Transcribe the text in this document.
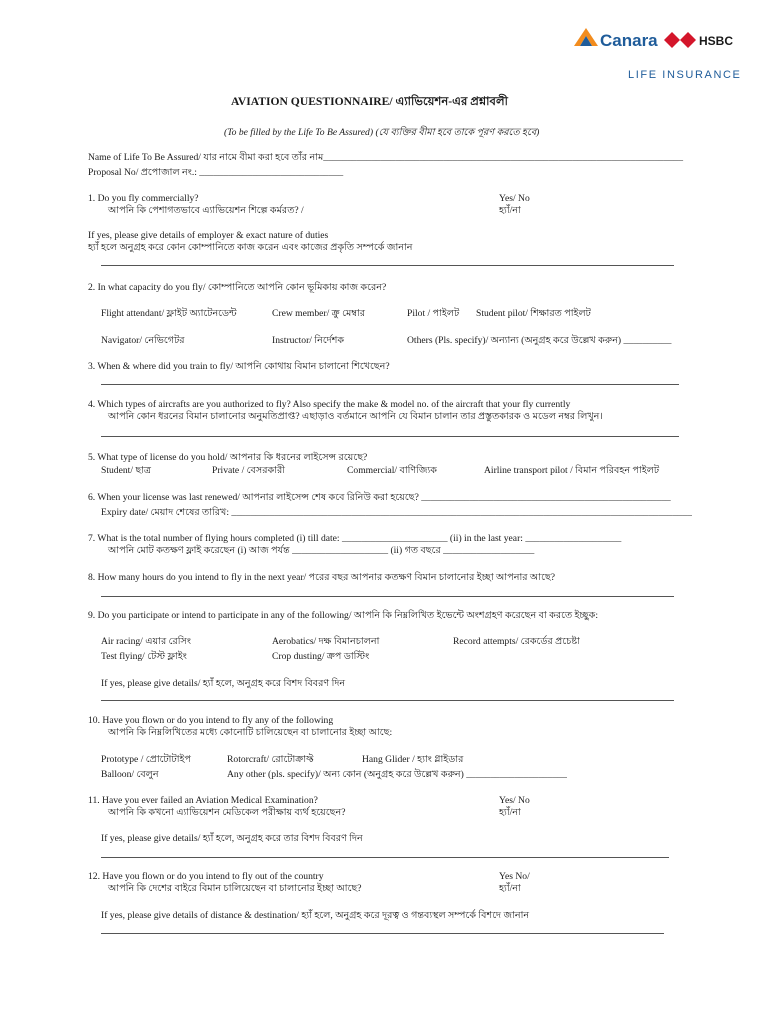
Canara	HSBC
LIFE INSURANCE
AVIATION QUESTIONNAIRE/ এ্যাভিয়েশন-এর প্রশ্নাবলী
(To be filled by the Life To Be Assured) (যে ব্যক্তির বীমা হবে তাকে পূরণ করতে হবে)
Name of Life To Be Assured/ যার নামে বীমা করা হবে তাঁর নাম___________________________________________________________________________
Proposal No/ প্রপোজাল নং.: ______________________________
1. Do you fly commercially?
আপনি কি পেশাগতভাবে এ্যাভিয়েশন শিল্পে কর্মরত? /
Yes/ No
হ্যাঁ/না
If yes, please give details of employer & exact nature of duties
হ্যাঁ হলে অনুগ্রহ করে কোন কোম্পানিতে কাজ করেন এবং কাজের প্রকৃতি সম্পর্কে জানান
2. In what capacity do you fly/ কোম্পানিতে আপনি কোন ভূমিকায় কাজ করেন?
Flight attendant/ ফ্লাইট অ্যাটেনডেন্ট	Crew member/ ক্রু মেম্বার	Pilot / পাইলট Student pilot/ শিক্ষারত পাইলট
Navigator/ নেভিগেটর	Instructor/ নির্দেশক	Others (Pls. specify)/ অন্যান্য (অনুগ্রহ করে উল্লেখ করুন) __________
3. When & where did you train to fly/ আপনি কোথায় বিমান চালানো শিখেছেন?
4. Which types of aircrafts are you authorized to fly? Also specify the make & model no. of the aircraft that your fly currently
আপনি কোন ধরনের বিমান চালানোর অনুমতিপ্রাপ্ত? এছাড়াও বর্তমানে আপনি যে বিমান চালান তার প্রস্তুতকারক ও মডেল নম্বর লিখুন।
5. What type of license do you hold/ আপনার কি ধরনের লাইসেন্স রয়েছে?
Student/ ছাত্র	Private / বেসরকারী	Commercial/ বাণিজ্যিক	Airline transport pilot / বিমান পরিবহন পাইলট
6. When your license was last renewed/ আপনার লাইসেন্স শেষ কবে রিনিউ করা হয়েছে? ____________________________________________________
Expiry date/ মেয়াদ শেষের তারিখ: ________________________________________________________________________________________________
7. What is the total number of flying hours completed (i) till date: ______________________ (ii) in the last year: ____________________
আপনি মোট কতক্ষণ ফ্লাই করেছেন (i) আজ পর্যন্ত ____________________ (ii) গত বছরে ___________________
8. How many hours do you intend to fly in the next year/ পরের বছর আপনার কতক্ষণ বিমান চালানোর ইচ্ছা আপনার আছে?
9. Do you participate or intend to participate in any of the following/ আপনি কি নিম্নলিখিত ইভেন্টে অংশগ্রহণ করেছেন বা করতে ইচ্ছুক:
Air racing/ এয়ার রেসিং	Aerobatics/ দক্ষ বিমানচালনা	Record attempts/ রেকর্ডের প্রচেষ্টা
Test flying/ টেস্ট ফ্লাইং	Crop dusting/ ক্রপ ডাস্টিং
If yes, please give details/ হ্যাঁ হলে, অনুগ্রহ করে বিশদ বিবরণ দিন
10. Have you flown or do you intend to fly any of the following
আপনি কি নিম্নলিখিতের মধ্যে কোনোটি চালিয়েছেন বা চালানোর ইচ্ছা আছে:
Prototype / প্রোটোটাইপ	Rotorcraft/ রোটোক্রাফ্ট	Hang Glider / হ্যাং গ্লাইডার
Balloon/ বেলুন	Any other (pls. specify)/ অন্য কোন (অনুগ্রহ করে উল্লেখ করুন) _____________________
11. Have you ever failed an Aviation Medical Examination?
আপনি কি কখনো এ্যাভিয়েশন মেডিকেল পরীক্ষায় ব্যর্থ হয়েছেন?
Yes/ No
হ্যাঁ/না
If yes, please give details/ হ্যাঁ হলে, অনুগ্রহ করে তার বিশদ বিবরণ দিন
12. Have you flown or do you intend to fly out of the country
আপনি কি দেশের বাইরে বিমান চালিয়েছেন বা চালানোর ইচ্ছা আছে?
Yes No/
হ্যাঁ/না
If yes, please give details of distance & destination/ হ্যাঁ হলে, অনুগ্রহ করে দূরত্ব ও গন্তব্যস্থল সম্পর্কে বিশদে জানান
